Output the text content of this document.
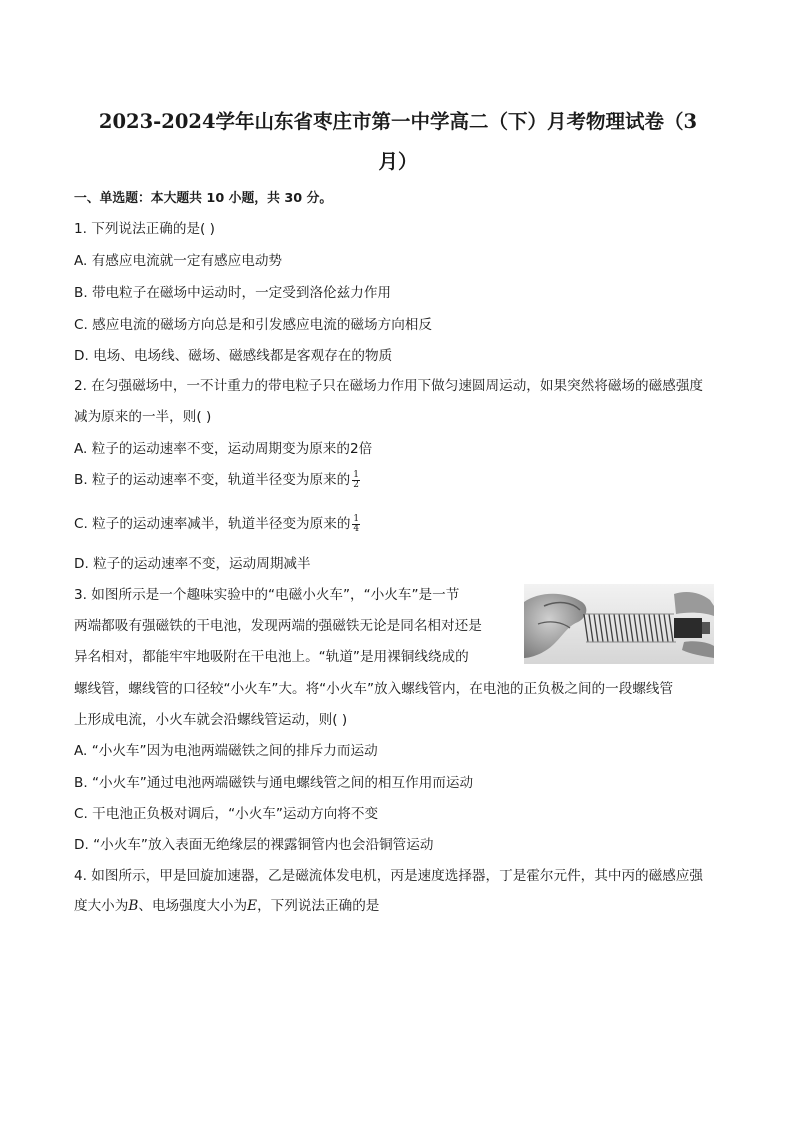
2023-2024学年山东省枣庄市第一中学高二（下）月考物理试卷（3
月）
一、单选题：本大题共 10 小题，共 30 分。
1. 下列说法正确的是( )
A. 有感应电流就一定有感应电动势
B. 带电粒子在磁场中运动时，一定受到洛伦兹力作用
C. 感应电流的磁场方向总是和引发感应电流的磁场方向相反
D. 电场、电场线、磁场、磁感线都是客观存在的物质
2. 在匀强磁场中，一不计重力的带电粒子只在磁场力作用下做匀速圆周运动，如果突然将磁场的磁感强度
减为原来的一半，则( )
A. 粒子的运动速率不变，运动周期变为原来的2倍
B. 粒子的运动速率不变，轨道半径变为原来的 $\frac{1}{2}$
C. 粒子的运动速率减半，轨道半径变为原来的 $\frac{1}{4}$
D. 粒子的运动速率不变，运动周期减半
3. 如图所示是一个趣味实验中的“电磁小火车”，“小火车”是一节
两端都吸有强磁铁的干电池，发现两端的强磁铁无论是同名相对还是
异名相对，都能牢牢地吸附在干电池上。“轨道”是用裸铜线绕成的
螺线管，螺线管的口径较“小火车”大。将“小火车”放入螺线管内，在电池的正负极之间的一段螺线管
上形成电流，小火车就会沿螺线管运动，则( )
A. “小火车”因为电池两端磁铁之间的排斥力而运动
B. “小火车”通过电池两端磁铁与通电螺线管之间的相互作用而运动
C. 干电池正负极对调后，“小火车”运动方向将不变
D. “小火车”放入表面无绝缘层的裸露铜管内也会沿铜管运动
4. 如图所示，甲是回旋加速器，乙是磁流体发电机，丙是速度选择器，丁是霍尔元件，其中丙的磁感应强
度大小为B、电场强度大小为E，下列说法正确的是
